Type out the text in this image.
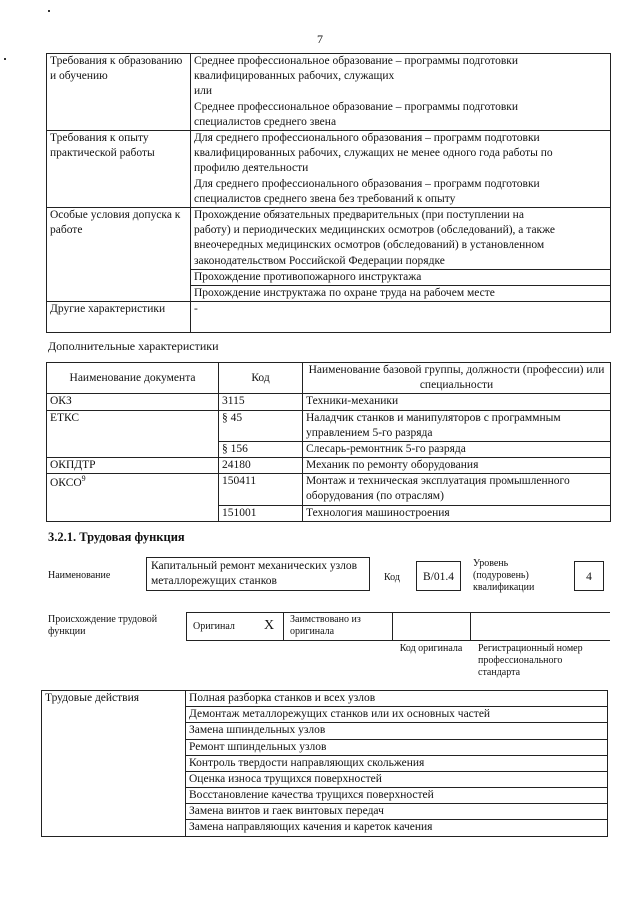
7
Требования к образованию и обучению	Среднее профессиональное образование – программы подготовки
квалифицированных рабочих, служащих
или
Среднее профессиональное образование – программы подготовки
специалистов среднего звена

Требования к опыту практической работы	Для среднего профессионального образования – программ подготовки
квалифицированных рабочих, служащих не менее одного года работы по
профилю деятельности
Для среднего профессионального образования – программ подготовки
специалистов среднего звена без требований к опыту

Особые условия допуска к работе	Прохождение обязательных предварительных (при поступлении на
работу) и периодических медицинских осмотров (обследований), а также
внеочередных медицинских осмотров (обследований) в установленном
законодательством Российской Федерации порядке

	Прохождение противопожарного инструктажа
	Прохождение инструктажа по охране труда на рабочем месте
Другие характеристики	-
Дополнительные характеристики
Наименование документа	Код	Наименование базовой группы, должности (профессии) или специальности
ОКЗ	3115	Техники-механики
ЕТКС	§ 45	Наладчик станков и манипуляторов с программным управлением 5-го разряда
	§ 156	Слесарь-ремонтник 5-го разряда
ОКПДТР	24180	Механик по ремонту оборудования
ОКСО$^9$	150411	Монтаж и техническая эксплуатация промышленного оборудования (по отраслям)
	151001	Технология машиностроения
3.2.1. Трудовая функция
Наименование
Капитальный ремонт механических узлов металлорежущих станков	Код	B/01.4
Уровень (подуровень) квалификации
4
Происхождение трудовой функции	Оригинал X Заимствовано из оригинала
Код оригинала	Регистрационный номер профессионального стандарта
Трудовые действия	Полная разборка станков и всех узлов
Демонтаж металлорежущих станков или их основных частей
Замена шпиндельных узлов
Ремонт шпиндельных узлов
Контроль твердости направляющих скольжения
Оценка износа трущихся поверхностей
Восстановление качества трущихся поверхностей
Замена винтов и гаек винтовых передач
Замена направляющих качения и кареток качения
